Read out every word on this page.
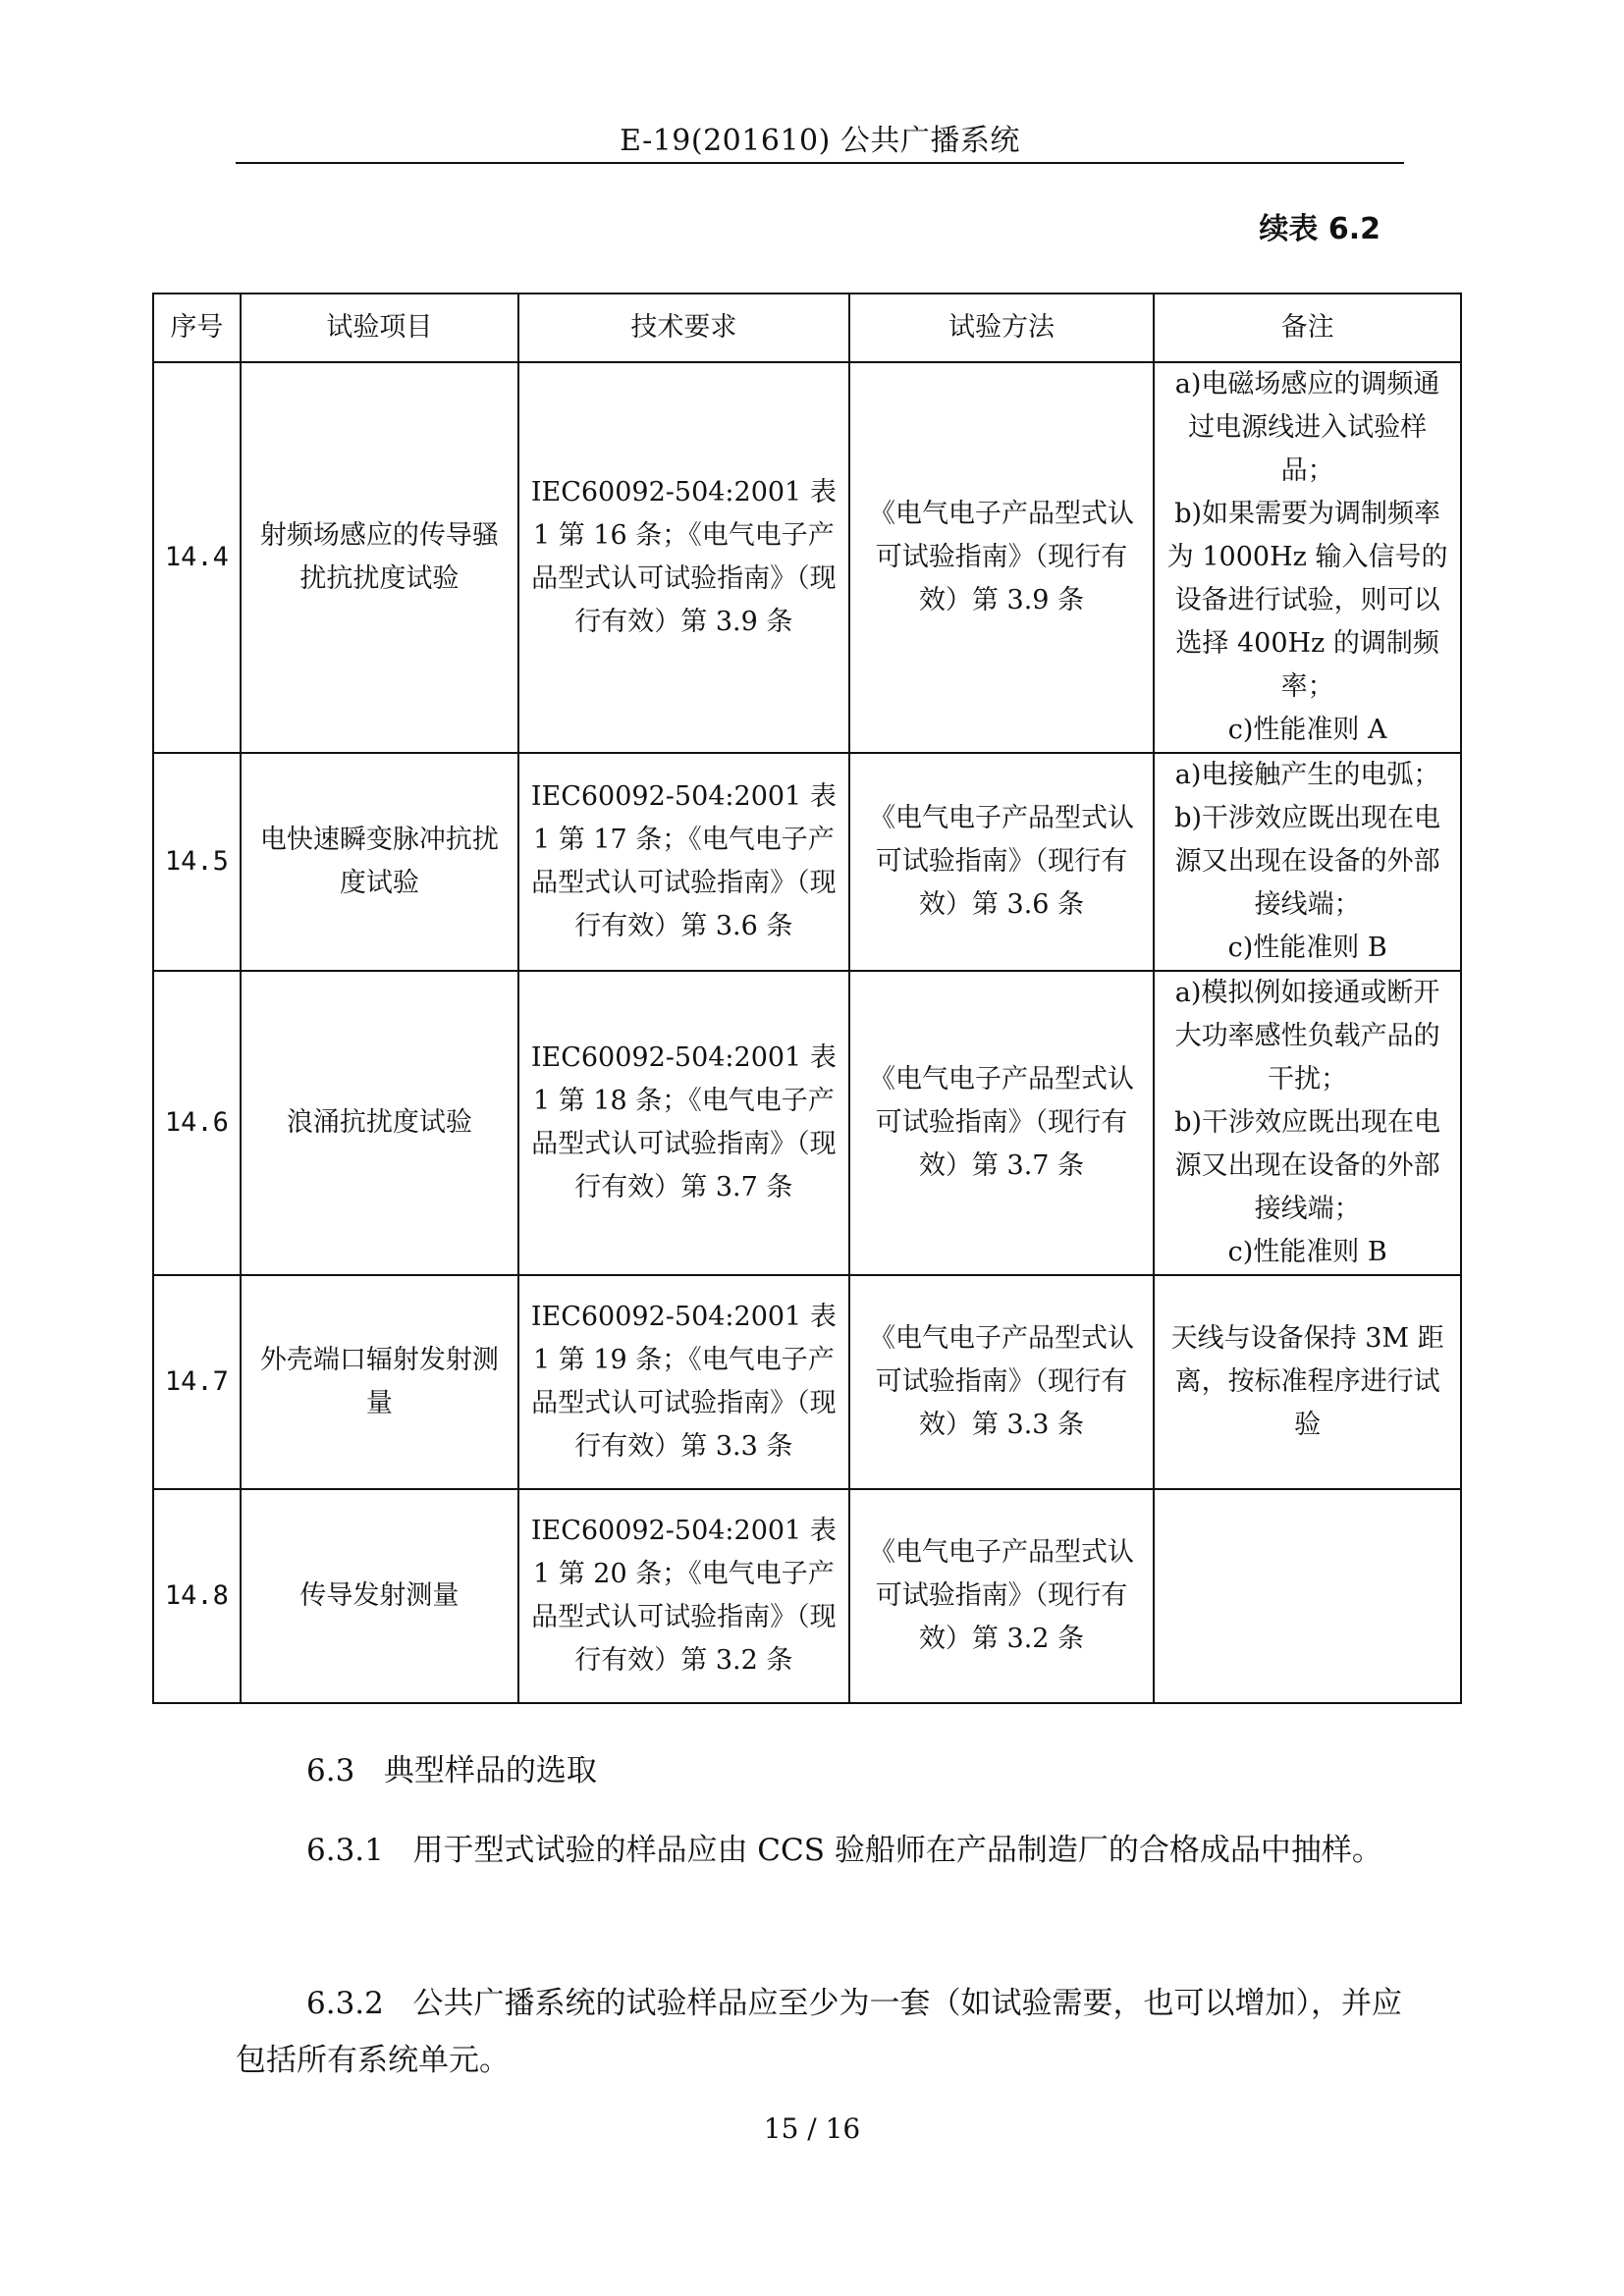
E-19(201610) 公共广播系统
续表 6.2
序号	试验项目	技术要求	试验方法	备注
14.4	射频场感应的传导骚扰抗扰度试验	IEC60092-504:2001 表 1 第 16 条；《电气电子产品型式认可试验指南》（现行有效）第 3.9 条	《电气电子产品型式认可试验指南》（现行有效）第 3.9 条	a)电磁场感应的调频通过电源线进入试验样品；
b)如果需要为调制频率为 1000Hz 输入信号的设备进行试验，则可以选择 400Hz 的调制频率；
c)性能准则 A

14.5	电快速瞬变脉冲抗扰度试验	IEC60092-504:2001 表 1 第 17 条；《电气电子产品型式认可试验指南》（现行有效）第 3.6 条	《电气电子产品型式认可试验指南》（现行有效）第 3.6 条	a)电接触产生的电弧；
b)干涉效应既出现在电源又出现在设备的外部接线端；
c)性能准则 B

14.6	浪涌抗扰度试验	IEC60092-504:2001 表 1 第 18 条；《电气电子产品型式认可试验指南》（现行有效）第 3.7 条	《电气电子产品型式认可试验指南》（现行有效）第 3.7 条	a)模拟例如接通或断开大功率感性负载产品的干扰；
b)干涉效应既出现在电源又出现在设备的外部接线端；
c)性能准则 B

14.7	外壳端口辐射发射测量	IEC60092-504:2001 表 1 第 19 条；《电气电子产品型式认可试验指南》（现行有效）第 3.3 条	《电气电子产品型式认可试验指南》（现行有效）第 3.3 条	天线与设备保持 3M 距离，按标准程序进行试验

14.8	传导发射测量	IEC60092-504:2001 表 1 第 20 条；《电气电子产品型式认可试验指南》（现行有效）第 3.2 条	《电气电子产品型式认可试验指南》（现行有效）第 3.2 条	
6.3 典型样品的选取
6.3.1 用于型式试验的样品应由 CCS 验船师在产品制造厂的合格成品中抽样。
6.3.2 公共广播系统的试验样品应至少为一套（如试验需要，也可以增加），并应包括所有系统单元。
15 / 16
